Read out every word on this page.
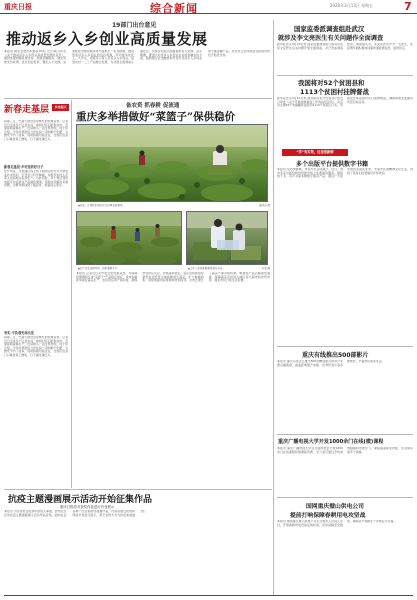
重庆日报	综合新闻	2020年3月13日 星期五	7
19部门出台意见
推动返乡入乡创业高质量发展
本报讯 国家发展改革委等19部门近日联合印发《关于推动返乡入乡创业高质量发展的意见》，围绕加强财税政策支持、创新金融服务、健全用地支持政策、优化创业培训、强化人才支撑、完善配套设施和服务等方面提出一系列措施，推动形成返乡入乡创业的良好氛围，带动更多农民工、大学生、退役军人等人员返乡入乡创业，促进农村一二三产业融合发展，为决胜全面建成小康社会、实施乡村振兴战略提供有力支撑。意见明确，要加大对返乡入乡创业企业的金融支持力度，鼓励银行业金融机构开发针对返乡入乡创业的专属金融产品，并对符合条件的创业担保贷款给予贴息支持。
新春走基层	乡村振兴
阳春三月，巴渝大地处处是繁忙的农耕景象。记者近日走进多个区县乡村，看到村民们抢抓农时、开展春耕备耕生产，田间地头一派生机勃勃。村干部介绍，今年村里组织合作社统一采购种子化肥，为群众节约了成本，同时积极对接企业，让村民在家门口就能务工增收，日子越过越红火。
新春走基层·乡村里的好日子
在开州区，当地通过线上线下相结合的方式开展农业技术培训，引导农户科学种植，并组织农技人员深入田间地头指导生产。与此同时，多个村还利用电商平台拓宽农产品销售渠道，帮助农民解决卖难问题，让群众的钱袋子鼓起来，致富信心更足。
务实·不负春光再出发
阳春三月，巴渝大地处处是繁忙的农耕景象。记者近日走进多个区县乡村，看到村民们抢抓农时、开展春耕备耕生产，田间地头一派生机勃勃。村干部介绍，今年村里组织合作社统一采购种子化肥，为群众节约了成本，同时积极对接企业，让村民在家门口就能务工增收，日子越过越红火。
备农资 抓春耕 促流通
重庆多举措做好“菜篮子”保供稳价
▲日前，江津区的菜农正在地里采收蔬菜。	通讯员 摄
▲农户正在田间劳作，抢抓春耕生产。	▲工作人员将新鲜蔬菜装车外运。	记者 摄
本报讯 记者近日从市农业农村委获悉，为保障疫情期间全市“菜篮子”产品稳定供应，我市多措并举抓好蔬菜生产、农资供应和产销对接，确保市场供应充足、价格基本稳定。各区县积极组织新型农业经营主体抢种速生蔬菜，扩大种植面积，同时加强田间管理和技术指导。全市还建立了蔬菜产销对接机制，畅通农产品运输绿色通道，保障蔬菜及时进入城区各大超市和农贸市场，满足市民日常生活需要。
抗疫主题漫画展示活动开始征集作品
重庆日报将对获奖作品进行刊登展示
本报讯 为宣传抗击疫情中的感人事迹，我市近日启动抗疫主题漫画展示活动作品征集，面向社会各界广泛征集原创漫画作品，作品将通过报纸和网络平台进行展示，用艺术的方式为抗疫加油鼓劲。
国家监委派调查组赴武汉
就涉及李文亮医生有关问题作全面调查
新华社北京3月19日电 国家监委调查组日前对涉及李文亮医生有关问题开展全面调查，并已形成调查结论。调查组认为，李文亮医生作为一名医生，在疫情早期积极向同事传递疫情信息，值得肯定。
我国将对52个贫困县和
1113个贫困村挂牌督战
新华社北京3月12日电 国务院扶贫开发领导小组近日印发《关于开展挂牌督战工作的指导意见》，决定对全国52个未摘帽贫困县和1113个贫困人口多、贫困发生率高的村实行挂牌督战，确保如期完成脱贫攻坚目标任务。
“学”有实效，这里很新鲜
多个出版平台提供数字书籍
本报讯 受疫情影响，市民外出活动减少。近日，我市多家出版机构纷纷推出线上免费阅读服务，提供电子书、有声书等多种数字阅读产品，满足广大读者的居家阅读需求，丰富市民的精神文化生活，得到了读者们的普遍好评和欢迎。
重庆有线推出500部影片
本报讯 重庆有线近日推出500部精选影片供用户免费点播观看，涵盖经典国产电影、优秀纪录片等多种类型，丰富市民居家生活。
重庆广播电视大学开发1000余门在线(微)课程
本报讯 重庆广播电视大学近日面向社会开放1000余门在线课程和微课程资源，学习者可通过手机或电脑随时登录学习，课程涵盖职业技能、生活常识等多个领域。
国网重庆璧山供电公司
提前打响保障春耕用电攻坚战
本报讯 国网重庆璧山供电公司近日组织人员深入乡村，开展春耕用电设备巡视检查，及时消除安全隐患，确保农户春耕生产用电安全可靠。
